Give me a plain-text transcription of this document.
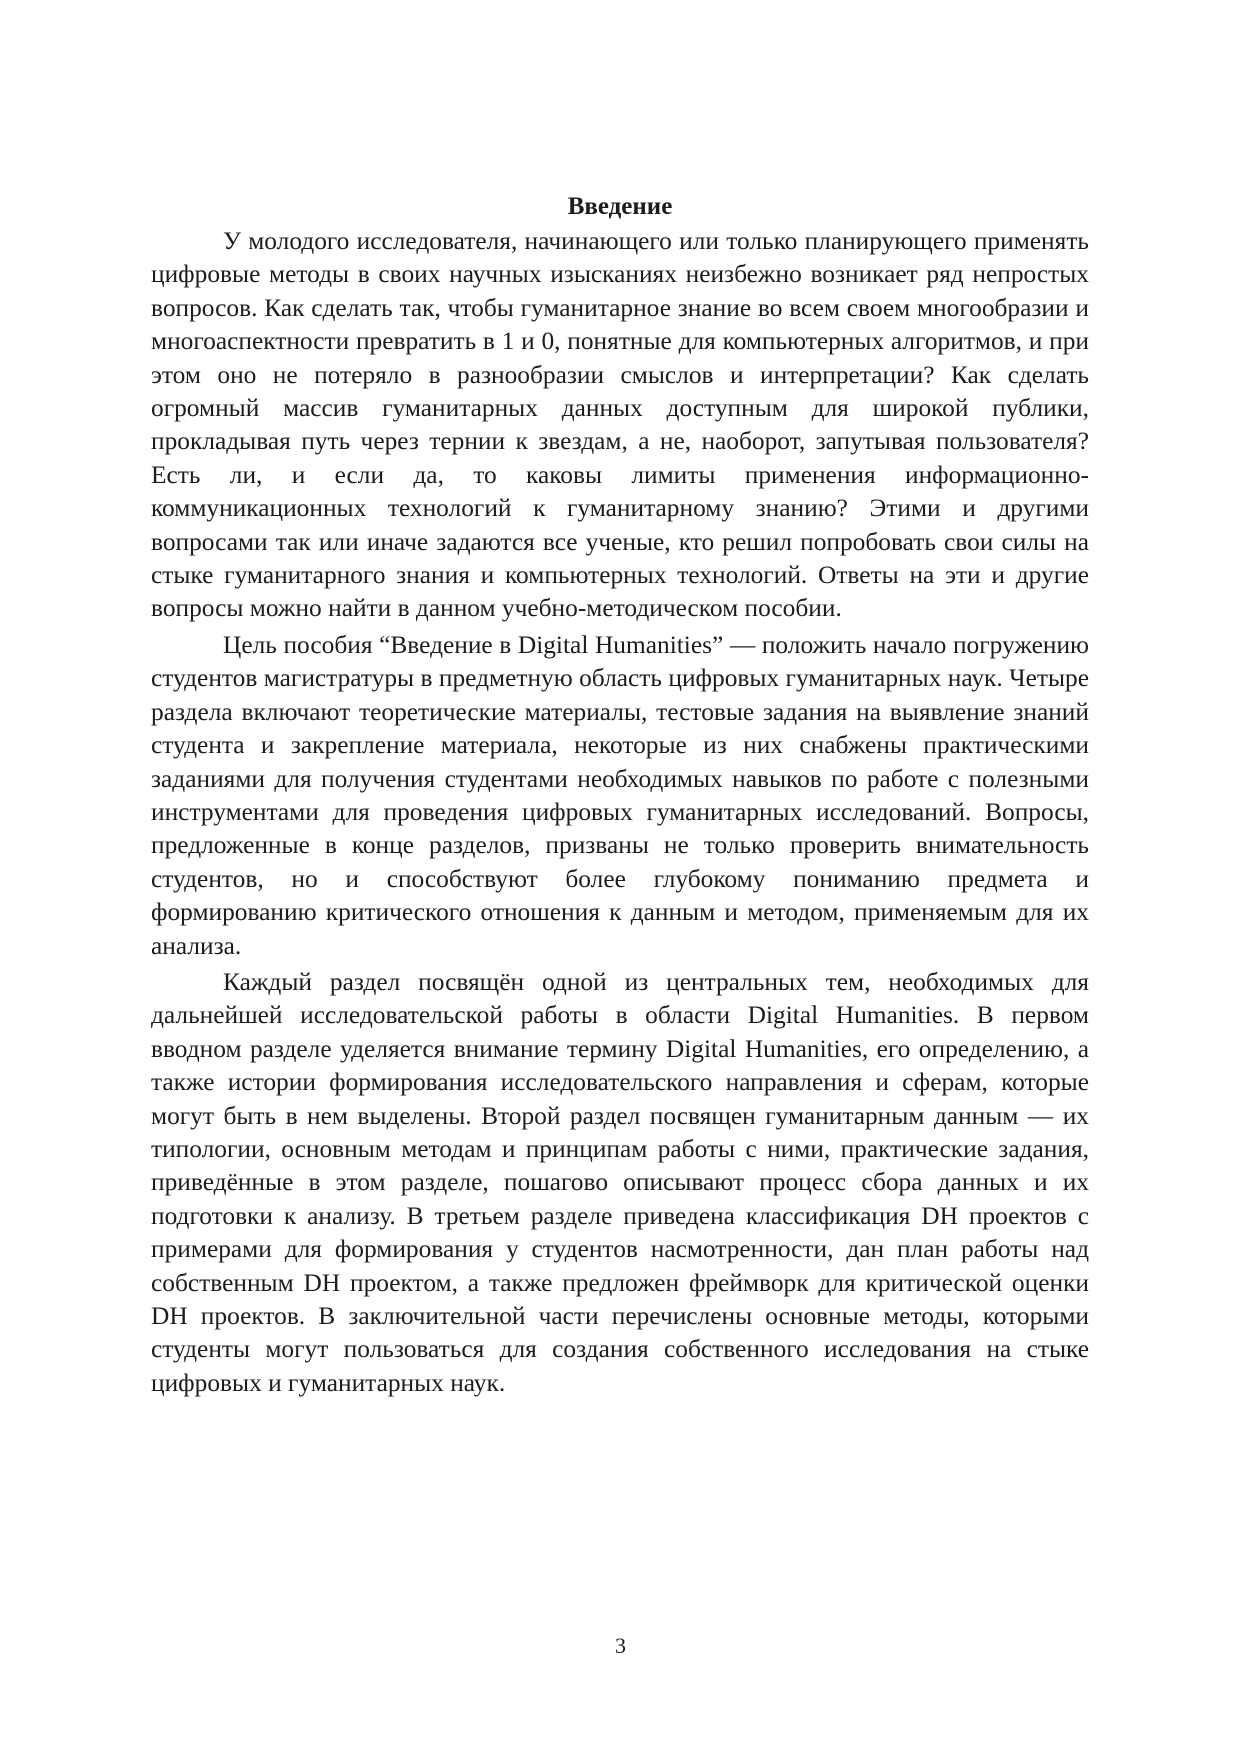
Введение

У молодого исследователя, начинающего или только планирующего применять цифровые методы в своих научных изысканиях неизбежно возникает ряд непростых вопросов. Как сделать так, чтобы гуманитарное знание во всем своем многообразии и многоаспектности превратить в 1 и 0, понятные для компьютерных алгоритмов, и при этом оно не потеряло в разнообразии смыслов и интерпретации? Как сделать огромный массив гуманитарных данных доступным для широкой публики, прокладывая путь через тернии к звездам, а не, наоборот, запутывая пользователя? Есть ли, и если да, то каковы лимиты применения информационно-коммуникационных технологий к гуманитарному знанию? Этими и другими вопросами так или иначе задаются все ученые, кто решил попробовать свои силы на стыке гуманитарного знания и компьютерных технологий. Ответы на эти и другие вопросы можно найти в данном учебно-методическом пособии.

Цель пособия “Введение в Digital Humanities” — положить начало погружению студентов магистратуры в предметную область цифровых гуманитарных наук. Четыре раздела включают теоретические материалы, тестовые задания на выявление знаний студента и закрепление материала, некоторые из них снабжены практическими заданиями для получения студентами необходимых навыков по работе с полезными инструментами для проведения цифровых гуманитарных исследований. Вопросы, предложенные в конце разделов, призваны не только проверить внимательность студентов, но и способствуют более глубокому пониманию предмета и формированию критического отношения к данным и методом, применяемым для их анализа.

Каждый раздел посвящён одной из центральных тем, необходимых для дальнейшей исследовательской работы в области Digital Humanities. В первом вводном разделе уделяется внимание термину Digital Humanities, его определению, а также истории формирования исследовательского направления и сферам, которые могут быть в нем выделены. Второй раздел посвящен гуманитарным данным — их типологии, основным методам и принципам работы с ними, практические задания, приведённые в этом разделе, пошагово описывают процесс сбора данных и их подготовки к анализу. В третьем разделе приведена классификация DH проектов с примерами для формирования у студентов насмотренности, дан план работы над собственным DH проектом, а также предложен фреймворк для критической оценки DH проектов. В заключительной части перечислены основные методы, которыми студенты могут пользоваться для создания собственного исследования на стыке цифровых и гуманитарных наук.

3
